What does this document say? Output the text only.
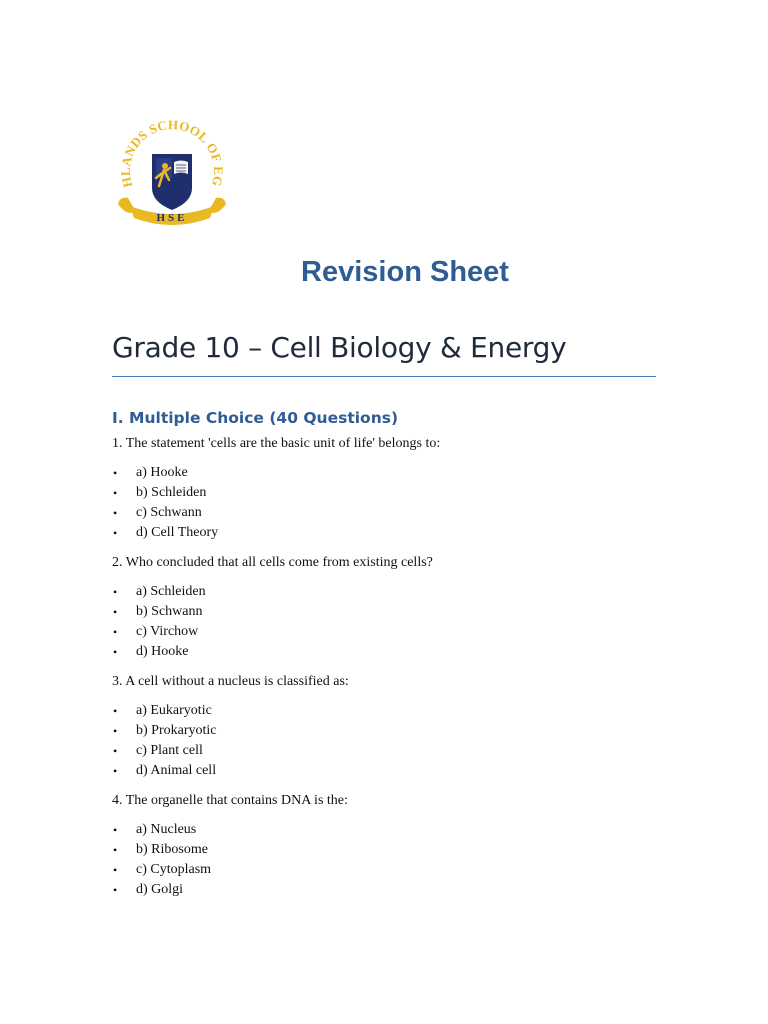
HLANDS SCHOOL OF EG
HSE
Revision Sheet
Grade 10 – Cell Biology & Energy
I. Multiple Choice (40 Questions)

1. The statement 'cells are the basic unit of life' belongs to:

• a) Hooke
• b) Schleiden
• c) Schwann
• d) Cell Theory

2. Who concluded that all cells come from existing cells?

• a) Schleiden
• b) Schwann
• c) Virchow
• d) Hooke

3. A cell without a nucleus is classified as:

• a) Eukaryotic
• b) Prokaryotic
• c) Plant cell
• d) Animal cell

4. The organelle that contains DNA is the:

• a) Nucleus
• b) Ribosome
• c) Cytoplasm
• d) Golgi
